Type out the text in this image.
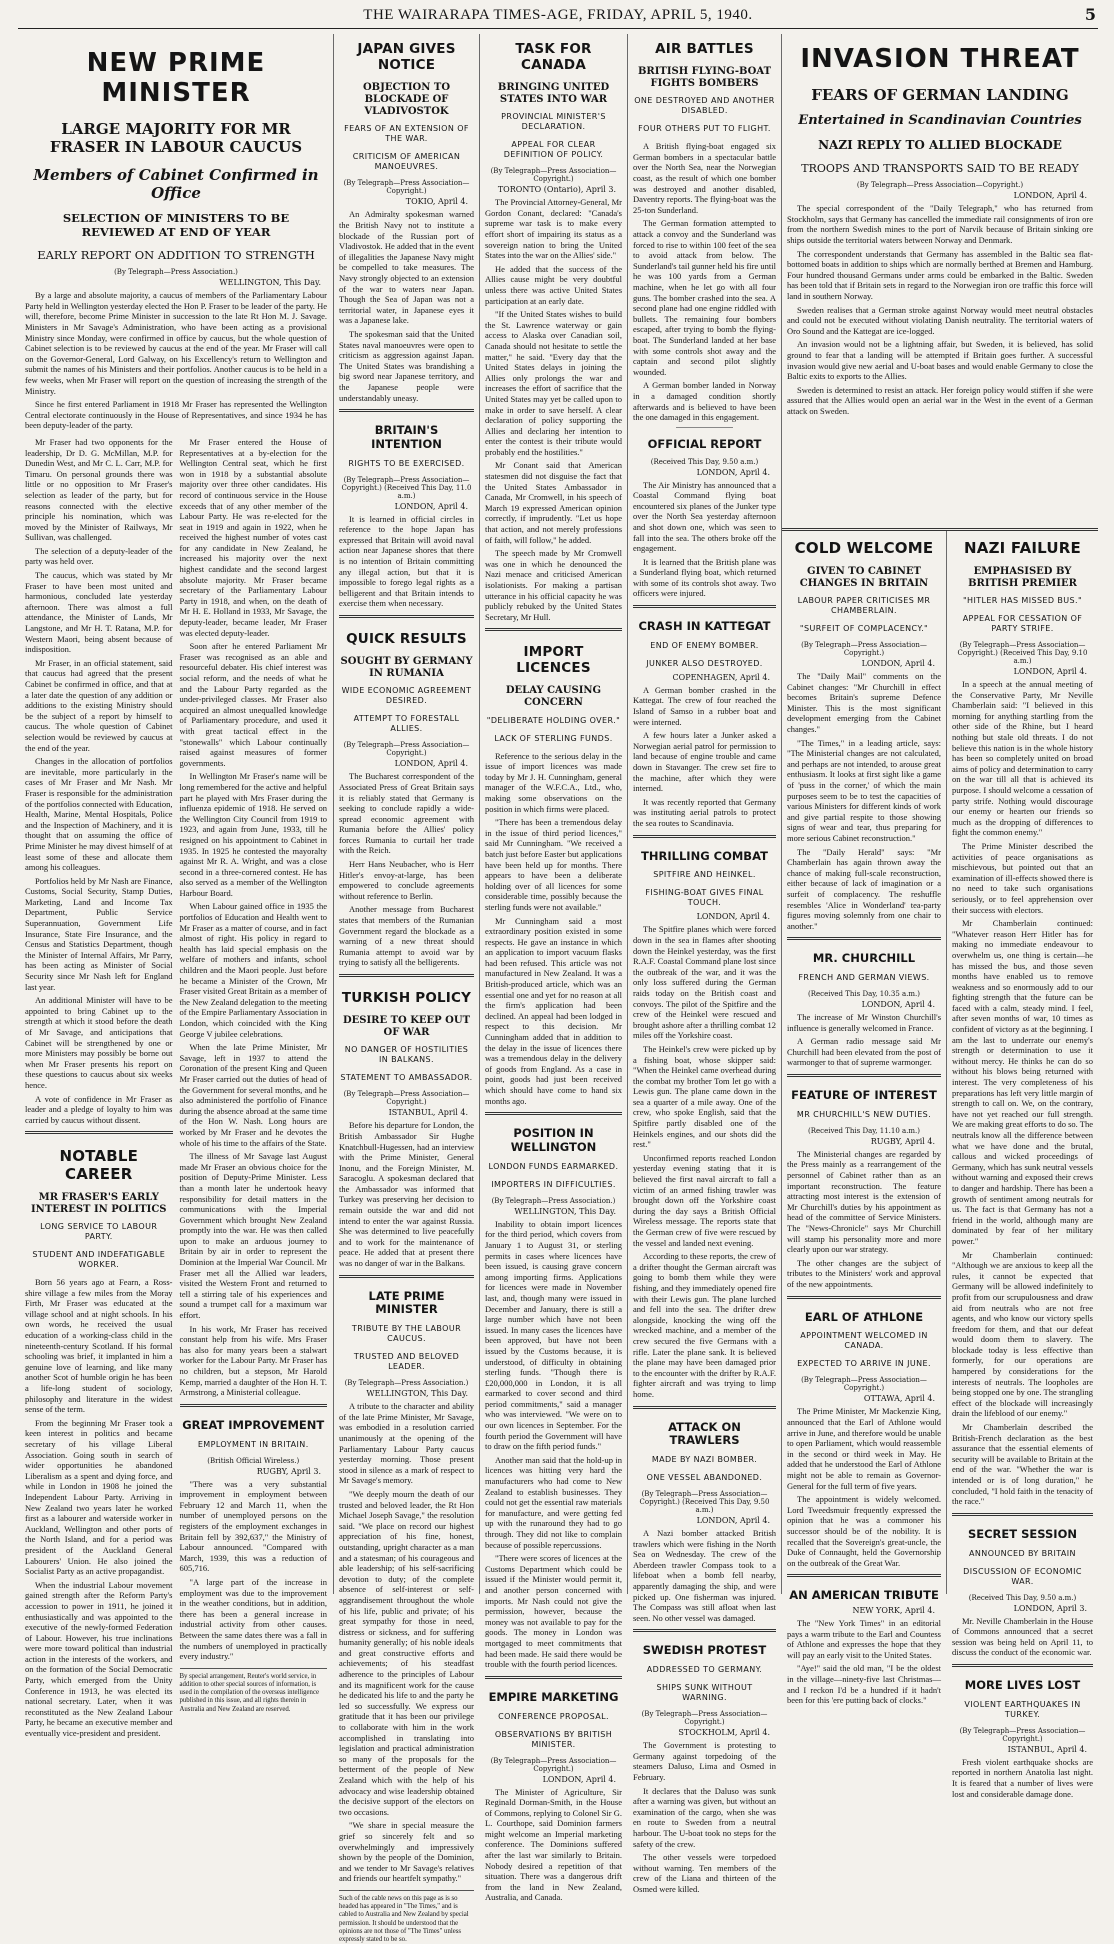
THE WAIRARAPA TIMES-AGE, FRIDAY, APRIL 5, 1940.	5
NEW PRIME MINISTER
LARGE MAJORITY FOR MR FRASER IN LABOUR CAUCUS
Members of Cabinet Confirmed in Office
SELECTION OF MINISTERS TO BE REVIEWED AT END OF YEAR
EARLY REPORT ON ADDITION TO STRENGTH
(By Telegraph—Press Association.)
WELLINGTON, This Day.

By a large and absolute majority, a caucus of members of the Parliamentary Labour Party held in Wellington yesterday elected the Hon P. Fraser to be leader of the party. He will, therefore, become Prime Minister in succession to the late Rt Hon M. J. Savage. Ministers in Mr Savage's Administration, who have been acting as a provisional Ministry since Monday, were confirmed in office by caucus, but the whole question of Cabinet selection is to be reviewed by caucus at the end of the year. Mr Fraser will call on the Governor-General, Lord Galway, on his Excellency's return to Wellington and submit the names of his Ministers and their portfolios. Another caucus is to be held in a few weeks, when Mr Fraser will report on the question of increasing the strength of the Ministry.

Since he first entered Parliament in 1918 Mr Fraser has represented the Wellington Central electorate continuously in the House of Representatives, and since 1934 he has been deputy-leader of the party.

Mr Fraser had two opponents for the leadership, Dr D. G. McMillan, M.P. for Dunedin West, and Mr C. L. Carr, M.P. for Timaru. On personal grounds there was little or no opposition to Mr Fraser's selection as leader of the party, but for reasons connected with the elective principle his nomination, which was moved by the Minister of Railways, Mr Sullivan, was challenged.

The selection of a deputy-leader of the party was held over.

The caucus, which was stated by Mr Fraser to have been most united and harmonious, concluded late yesterday afternoon. There was almost a full attendance, the Minister of Lands, Mr Langstone, and Mr H. T. Ratana, M.P. for Western Maori, being absent because of indisposition.

Mr Fraser, in an official statement, said that caucus had agreed that the present Cabinet be confirmed in office, and that at a later date the question of any addition or additions to the existing Ministry should be the subject of a report by himself to caucus. The whole question of Cabinet selection would be reviewed by caucus at the end of the year.

Changes in the allocation of portfolios are inevitable, more particularly in the cases of Mr Fraser and Mr Nash. Mr Fraser is responsible for the administration of the portfolios connected with Education, Health, Marine, Mental Hospitals, Police and the Inspection of Machinery, and it is thought that on assuming the office of Prime Minister he may divest himself of at least some of these and allocate them among his colleagues.

Portfolios held by Mr Nash are Finance, Customs, Social Security, Stamp Duties, Marketing, Land and Income Tax Department, Public Service Superannuation, Government Life Insurance, State Fire Insurance, and the Census and Statistics Department, though the Minister of Internal Affairs, Mr Parry, has been acting as Minister of Social Security since Mr Nash left for England last year.

An additional Minister will have to be appointed to bring Cabinet up to the strength at which it stood before the death of Mr Savage, and anticipations that Cabinet will be strengthened by one or more Ministers may possibly be borne out when Mr Fraser presents his report on these questions to caucus about six weeks hence.

A vote of confidence in Mr Fraser as leader and a pledge of loyalty to him was carried by caucus without dissent.

NOTABLE CAREER
MR FRASER'S EARLY INTEREST IN POLITICS
LONG SERVICE TO LABOUR PARTY.
STUDENT AND INDEFATIGABLE WORKER.

Born 56 years ago at Fearn, a Ross-shire village a few miles from the Moray Firth, Mr Fraser was educated at the village school and at night schools. In his own words, he received the usual education of a working-class child in the nineteenth-century Scotland. If his formal schooling was brief, it implanted in him a genuine love of learning, and like many another Scot of humble origin he has been a life-long student of sociology, philosophy and literature in the widest sense of the term.

From the beginning Mr Fraser took a keen interest in politics and became secretary of his village Liberal Association. Going south in search of wider opportunities he abandoned Liberalism as a spent and dying force, and while in London in 1908 he joined the Independent Labour Party. Arriving in New Zealand two years later he worked first as a labourer and waterside worker in Auckland, Wellington and other ports of the North Island, and for a period was president of the Auckland General Labourers' Union. He also joined the Socialist Party as an active propagandist.

When the industrial Labour movement gained strength after the Reform Party's accession to power in 1911, he joined it enthusiastically and was appointed to the executive of the newly-formed Federation of Labour. However, his true inclinations were more toward political than industrial action in the interests of the workers, and on the formation of the Social Democratic Party, which emerged from the Unity Conference in 1913, he was elected its national secretary. Later, when it was reconstituted as the New Zealand Labour Party, he became an executive member and eventually vice-president and president.

Mr Fraser entered the House of Representatives at a by-election for the Wellington Central seat, which he first won in 1918 by a substantial absolute majority over three other candidates. His record of continuous service in the House exceeds that of any other member of the Labour Party. He was re-elected for the seat in 1919 and again in 1922, when he received the highest number of votes cast for any candidate in New Zealand, he increased his majority over the next highest candidate and the second largest absolute majority. Mr Fraser became secretary of the Parliamentary Labour Party in 1918, and when, on the death of Mr H. E. Holland in 1933, Mr Savage, the deputy-leader, became leader, Mr Fraser was elected deputy-leader.

Soon after he entered Parliament Mr Fraser was recognised as an able and resourceful debater. His chief interest was social reform, and the needs of what he and the Labour Party regarded as the under-privileged classes. Mr Fraser also acquired an almost unequalled knowledge of Parliamentary procedure, and used it with great tactical effect in the "stonewalls" which Labour continually raised against measures of former governments.

In Wellington Mr Fraser's name will be long remembered for the active and helpful part he played with Mrs Fraser during the influenza epidemic of 1918. He served on the Wellington City Council from 1919 to 1923, and again from June, 1933, till he resigned on his appointment to Cabinet in 1935. In 1925 he contested the mayoralty against Mr R. A. Wright, and was a close second in a three-cornered contest. He has also served as a member of the Wellington Harbour Board.

When Labour gained office in 1935 the portfolios of Education and Health went to Mr Fraser as a matter of course, and in fact almost of right. His policy in regard to health has laid special emphasis on the welfare of mothers and infants, school children and the Maori people. Just before he became a Minister of the Crown, Mr Fraser visited Great Britain as a member of the New Zealand delegation to the meeting of the Empire Parliamentary Association in London, which coincided with the King George V jubilee celebrations.

When the late Prime Minister, Mr Savage, left in 1937 to attend the Coronation of the present King and Queen Mr Fraser carried out the duties of head of the Government for several months, and he also administered the portfolio of Finance during the absence abroad at the same time of the Hon W. Nash. Long hours are worked by Mr Fraser and he devotes the whole of his time to the affairs of the State.

The illness of Mr Savage last August made Mr Fraser an obvious choice for the position of Deputy-Prime Minister. Less than a month later he undertook heavy responsibility for detail matters in the communications with the Imperial Government which brought New Zealand promptly into the war. He was then called upon to make an arduous journey to Britain by air in order to represent the Dominion at the Imperial War Council. Mr Fraser met all the Allied war leaders, visited the Western Front and returned to tell a stirring tale of his experiences and sound a trumpet call for a maximum war effort.

In his work, Mr Fraser has received constant help from his wife. Mrs Fraser has also for many years been a stalwart worker for the Labour Party. Mr Fraser has no children, but a stepson, Mr Harold Kemp, married a daughter of the Hon H. T. Armstrong, a Ministerial colleague.

GREAT IMPROVEMENT
EMPLOYMENT IN BRITAIN.
(British Official Wireless.)
RUGBY, April 3.

"There was a very substantial improvement in employment between February 12 and March 11, when the number of unemployed persons on the registers of the employment exchanges in Britain fell by 392,637," the Ministry of Labour announced. "Compared with March, 1939, this was a reduction of 605,716.

"A large part of the increase in employment was due to the improvement in the weather conditions, but in addition, there has been a general increase in industrial activity from other causes. Between the same dates there was a fall in the numbers of unemployed in practically every industry."

By special arrangement, Reuter's world service, in addition to other special sources of information, is used in the compilation of the overseas intelligence published in this issue, and all rights therein in Australia and New Zealand are reserved.

JAPAN GIVES NOTICE
OBJECTION TO BLOCKADE OF VLADIVOSTOK
FEARS OF AN EXTENSION OF THE WAR.
CRITICISM OF AMERICAN MANOEUVRES.
(By Telegraph—Press Association—Copyright.)
TOKIO, April 4.

An Admiralty spokesman warned the British Navy not to institute a blockade of the Russian port of Vladivostok. He added that in the event of illegalities the Japanese Navy might be compelled to take measures. The Navy strongly objected to an extension of the war to waters near Japan. Though the Sea of Japan was not a territorial water, in Japanese eyes it was a Japanese lake.

The spokesman said that the United States naval manoeuvres were open to criticism as aggression against Japan. The United States was brandishing a big sword near Japanese territory, and the Japanese people were understandably uneasy.

BRITAIN'S INTENTION
RIGHTS TO BE EXERCISED.
(By Telegraph—Press Association—Copyright.) (Received This Day, 11.0 a.m.)
LONDON, April 4.

It is learned in official circles in reference to the hope Japan has expressed that Britain will avoid naval action near Japanese shores that there is no intention of Britain committing any illegal action, but that it is impossible to forego legal rights as a belligerent and that Britain intends to exercise them when necessary.

QUICK RESULTS
SOUGHT BY GERMANY IN RUMANIA
WIDE ECONOMIC AGREEMENT DESIRED.
ATTEMPT TO FORESTALL ALLIES.
(By Telegraph—Press Association—Copyright.)
LONDON, April 4.

The Bucharest correspondent of the Associated Press of Great Britain says it is reliably stated that Germany is seeking to conclude rapidly a wide-spread economic agreement with Rumania before the Allies' policy forces Rumania to curtail her trade with the Reich.

Herr Hans Neubacher, who is Herr Hitler's envoy-at-large, has been empowered to conclude agreements without reference to Berlin.

Another message from Bucharest states that members of the Rumanian Government regard the blockade as a warning of a new threat should Rumania attempt to avoid war by trying to satisfy all the belligerents.

TURKISH POLICY
DESIRE TO KEEP OUT OF WAR
NO DANGER OF HOSTILITIES IN BALKANS.
STATEMENT TO AMBASSADOR.
(By Telegraph—Press Association—Copyright.)
ISTANBUL, April 4.

Before his departure for London, the British Ambassador Sir Hughe Knatchbull-Hugessen, had an interview with the Prime Minister, General Inonu, and the Foreign Minister, M. Saracoglu. A spokesman declared that the Ambassador was informed that Turkey was preserving her decision to remain outside the war and did not intend to enter the war against Russia. She was determined to live peacefully and to work for the maintenance of peace. He added that at present there was no danger of war in the Balkans.

LATE PRIME MINISTER
TRIBUTE BY THE LABOUR CAUCUS.
TRUSTED AND BELOVED LEADER.
(By Telegraph—Press Association.)
WELLINGTON, This Day.

A tribute to the character and ability of the late Prime Minister, Mr Savage, was embodied in a resolution carried unanimously at the opening of the Parliamentary Labour Party caucus yesterday morning. Those present stood in silence as a mark of respect to Mr Savage's memory.

"We deeply mourn the death of our trusted and beloved leader, the Rt Hon Michael Joseph Savage," the resolution said. "We place on record our highest appreciation of his fine, honest, outstanding, upright character as a man and a statesman; of his courageous and able leadership; of his self-sacrificing devotion to duty; of the complete absence of self-interest or self-aggrandisement throughout the whole of his life, public and private; of his great sympathy for those in need, distress or sickness, and for suffering humanity generally; of his noble ideals and great constructive efforts and achievements; of his steadfast adherence to the principles of Labour and its magnificent work for the cause he dedicated his life to and the party he led so successfully. We express our gratitude that it has been our privilege to collaborate with him in the work accomplished in translating into legislation and practical administration so many of the proposals for the betterment of the people of New Zealand which with the help of his advocacy and wise leadership obtained the decisive support of the electors on two occasions.

"We share in special measure the grief so sincerely felt and so overwhelmingly and impressively shown by the people of the Dominion, and we tender to Mr Savage's relatives and friends our heartfelt sympathy."

Such of the cable news on this page as is so headed has appeared in "The Times," and is cabled to Australia and New Zealand by special permission. It should be understood that the opinions are not those of "The Times" unless expressly stated to be so.

TASK FOR CANADA
BRINGING UNITED STATES INTO WAR
PROVINCIAL MINISTER'S DECLARATION.
APPEAL FOR CLEAR DEFINITION OF POLICY.
(By Telegraph—Press Association—Copyright.)
TORONTO (Ontario), April 3.

The Provincial Attorney-General, Mr Gordon Conant, declared: "Canada's supreme war task is to make every effort short of impairing its status as a sovereign nation to bring the United States into the war on the Allies' side."

He added that the success of the Allies cause might be very doubtful unless there was active United States participation at an early date.

"If the United States wishes to build the St. Lawrence waterway or gain access to Alaska over Canadian soil, Canada should not hesitate to settle the matter," he said. "Every day that the United States delays in joining the Allies only prolongs the war and increases the effort of sacrifice that the United States may yet be called upon to make in order to save herself. A clear declaration of policy supporting the Allies and declaring her intention to enter the contest is their tribute would probably end the hostilities."

Mr Conant said that American statesmen did not disguise the fact that the United States Ambassador in Canada, Mr Cromwell, in his speech of March 19 expressed American opinion correctly, if imprudently. "Let us hope that action, and not merely professions of faith, will follow," he added.

The speech made by Mr Cromwell was one in which he denounced the Nazi menace and criticised American isolationists. For making a partisan utterance in his official capacity he was publicly rebuked by the United States Secretary, Mr Hull.

IMPORT LICENCES
DELAY CAUSING CONCERN
"DELIBERATE HOLDING OVER."
LACK OF STERLING FUNDS.

Reference to the serious delay in the issue of import licences was made today by Mr J. H. Cunningham, general manager of the W.F.C.A., Ltd., who, making some observations on the position in which firms were placed.

"There has been a tremendous delay in the issue of third period licences," said Mr Cunningham. "We received a batch just before Easter but applications have been held up for months. There appears to have been a deliberate holding over of all licences for some considerable time, possibly because the sterling funds were not available."

Mr Cunningham said a most extraordinary position existed in some respects. He gave an instance in which an application to import vacuum flasks had been refused. This article was not manufactured in New Zealand. It was a British-produced article, which was an essential one and yet for no reason at all the firm's application had been declined. An appeal had been lodged in respect to this decision. Mr Cunningham added that in addition to the delay in the issue of licences there was a tremendous delay in the delivery of goods from England. As a case in point, goods had just been received which should have come to hand six months ago.

POSITION IN WELLINGTON
LONDON FUNDS EARMARKED.
IMPORTERS IN DIFFICULTIES.
(By Telegraph—Press Association.)
WELLINGTON, This Day.

Inability to obtain import licences for the third period, which covers from January 1 to August 31, or sterling permits in cases where licences have been issued, is causing grave concern among importing firms. Applications for licences were made in November last, and, though many were issued in December and January, there is still a large number which have not been issued. In many cases the licences have been approved, but have not been issued by the Customs because, it is understood, of difficulty in obtaining sterling funds. "Though there is £20,000,000 in London, it is all earmarked to cover second and third period commitments," said a manager who was interviewed. "We were on to our own licences in September. For the fourth period the Government will have to draw on the fifth period funds."

Another man said that the hold-up in licences was hitting very hard the manufacturers who had come to New Zealand to establish businesses. They could not get the essential raw materials for manufacture, and were getting fed up with the runaround they had to go through. They did not like to complain because of possible repercussions.

"There were scores of licences at the Customs Department which could be issued if the Minister would permit it, and another person concerned with imports. Mr Nash could not give the permission, however, because the money was not available to pay for the goods. The money in London was mortgaged to meet commitments that had been made. He said there would be trouble with the fourth period licences.

EMPIRE MARKETING
CONFERENCE PROPOSAL.
OBSERVATIONS BY BRITISH MINISTER.
(By Telegraph—Press Association—Copyright.)
LONDON, April 4.

The Minister of Agriculture, Sir Reginald Dorman-Smith, in the House of Commons, replying to Colonel Sir G. L. Courthope, said Dominion farmers might welcome an Imperial marketing conference. The Dominions suffered after the last war similarly to Britain. Nobody desired a repetition of that situation. There was a dangerous drift from the land in New Zealand, Australia, and Canada.

AIR BATTLES
BRITISH FLYING-BOAT FIGHTS BOMBERS
ONE DESTROYED AND ANOTHER DISABLED.
FOUR OTHERS PUT TO FLIGHT.

A British flying-boat engaged six German bombers in a spectacular battle over the North Sea, near the Norwegian coast, as the result of which one bomber was destroyed and another disabled, Daventry reports. The flying-boat was the 25-ton Sunderland.

The German formation attempted to attack a convoy and the Sunderland was forced to rise to within 100 feet of the sea to avoid attack from below. The Sunderland's tail gunner held his fire until he was 100 yards from a German machine, when he let go with all four guns. The bomber crashed into the sea. A second plane had one engine riddled with bullets. The remaining four bombers escaped, after trying to bomb the flying-boat. The Sunderland landed at her base with some controls shot away and the captain and second pilot slightly wounded.

A German bomber landed in Norway in a damaged condition shortly afterwards and is believed to have been the one damaged in this engagement.

OFFICIAL REPORT
(Received This Day, 9.50 a.m.)
LONDON, April 4.

The Air Ministry has announced that a Coastal Command flying boat encountered six planes of the Junker type over the North Sea yesterday afternoon and shot down one, which was seen to fall into the sea. The others broke off the engagement.

It is learned that the British plane was a Sunderland flying boat, which returned with some of its controls shot away. Two officers were injured.

CRASH IN KATTEGAT
END OF ENEMY BOMBER.
JUNKER ALSO DESTROYED.
COPENHAGEN, April 4.

A German bomber crashed in the Kattegat. The crew of four reached the Island of Samso in a rubber boat and were interned.

A few hours later a Junker asked a Norwegian aerial patrol for permission to land because of engine trouble and came down in Stavanger. The crew set fire to the machine, after which they were interned.

It was recently reported that Germany was instituting aerial patrols to protect the sea routes to Scandinavia.

THRILLING COMBAT
SPITFIRE AND HEINKEL.
FISHING-BOAT GIVES FINAL TOUCH.
LONDON, April 4.

The Spitfire planes which were forced down in the sea in flames after shooting down the Heinkel yesterday, was the first R.A.F. Coastal Command plane lost since the outbreak of the war, and it was the only loss suffered during the German raids today on the British coast and convoys. The pilot of the Spitfire and the crew of the Heinkel were rescued and brought ashore after a thrilling combat 12 miles off the Yorkshire coast.

The Heinkel's crew were picked up by a fishing boat, whose skipper said: "When the Heinkel came overhead during the combat my brother Tom let go with a Lewis gun. The plane came down in the sea a quarter of a mile away. One of the crew, who spoke English, said that the Spitfire partly disabled one of the Heinkels engines, and our shots did the rest."

Unconfirmed reports reached London yesterday evening stating that it is believed the first naval aircraft to fall a victim of an armed fishing trawler was brought down off the Yorkshire coast during the day says a British Official Wireless message. The reports state that the German crew of five were rescued by the vessel and landed next evening.

According to these reports, the crew of a drifter thought the German aircraft was going to bomb them while they were fishing, and they immediately opened fire with their Lewis gun. The plane lurched and fell into the sea. The drifter drew alongside, knocking the wing off the wrecked machine, and a member of the crew secured the five Germans with a rifle. Later the plane sank. It is believed the plane may have been damaged prior to the encounter with the drifter by R.A.F. fighter aircraft and was trying to limp home.

ATTACK ON TRAWLERS
MADE BY NAZI BOMBER.
ONE VESSEL ABANDONED.
(By Telegraph—Press Association—Copyright.) (Received This Day, 9.50 a.m.)
LONDON, April 4.

A Nazi bomber attacked British trawlers which were fishing in the North Sea on Wednesday. The crew of the Aberdeen trawler Compass took to a lifeboat when a bomb fell nearby, apparently damaging the ship, and were picked up. One fisherman was injured. The Compass was still afloat when last seen. No other vessel was damaged.

SWEDISH PROTEST
ADDRESSED TO GERMANY.
SHIPS SUNK WITHOUT WARNING.
(By Telegraph—Press Association—Copyright.)
STOCKHOLM, April 4.

The Government is protesting to Germany against torpedoing of the steamers Daluso, Lima and Osmed in February.

It declares that the Daluso was sunk after a warning was given, but without an examination of the cargo, when she was en route to Sweden from a neutral harbour. The U-boat took no steps for the safety of the crew.

The other vessels were torpedoed without warning. Ten members of the crew of the Liana and thirteen of the Osmed were killed.

INVASION THREAT
FEARS OF GERMAN LANDING
Entertained in Scandinavian Countries
NAZI REPLY TO ALLIED BLOCKADE
TROOPS AND TRANSPORTS SAID TO BE READY
(By Telegraph—Press Association—Copyright.)
LONDON, April 4.

The special correspondent of the "Daily Telegraph," who has returned from Stockholm, says that Germany has cancelled the immediate rail consignments of iron ore from the northern Swedish mines to the port of Narvik because of Britain sinking ore ships outside the territorial waters between Norway and Denmark.

The correspondent understands that Germany has assembled in the Baltic sea flat-bottomed boats in addition to ships which are normally berthed at Bremen and Hamburg. Four hundred thousand Germans under arms could be embarked in the Baltic. Sweden has been told that if Britain sets in regard to the Norwegian iron ore traffic this force will land in southern Norway.

Sweden realises that a German stroke against Norway would meet neutral obstacles and could not be executed without violating Danish neutrality. The territorial waters of Oro Sound and the Kattegat are ice-logged.

An invasion would not be a lightning affair, but Sweden, it is believed, has solid ground to fear that a landing will be attempted if Britain goes further. A successful invasion would give new aerial and U-boat bases and would enable Germany to close the Baltic exits to exports to the Allies.

Sweden is determined to resist an attack. Her foreign policy would stiffen if she were assured that the Allies would open an aerial war in the West in the event of a German attack on Sweden.

COLD WELCOME
GIVEN TO CABINET CHANGES IN BRITAIN
LABOUR PAPER CRITICISES MR CHAMBERLAIN.
"SURFEIT OF COMPLACENCY."
(By Telegraph—Press Association—Copyright.)
LONDON, April 4.

The "Daily Mail" comments on the Cabinet changes: "Mr Churchill in effect becomes Britain's supreme Defence Minister. This is the most significant development emerging from the Cabinet changes."

"The Times," in a leading article, says: "The Ministerial changes are not calculated, and perhaps are not intended, to arouse great enthusiasm. It looks at first sight like a game of 'puss in the corner,' of which the main purposes seem to be to test the capacities of various Ministers for different kinds of work and give partial respite to those showing signs of wear and tear, thus preparing for more serious Cabinet reconstruction."

The "Daily Herald" says: "Mr Chamberlain has again thrown away the chance of making full-scale reconstruction, either because of lack of imagination or a surfeit of complacency. The reshuffle resembles 'Alice in Wonderland' tea-party figures moving solemnly from one chair to another."

MR. CHURCHILL
FRENCH AND GERMAN VIEWS.
(Received This Day, 10.35 a.m.)
LONDON, April 4.

The increase of Mr Winston Churchill's influence is generally welcomed in France.

A German radio message said Mr Churchill had been elevated from the post of warmonger to that of supreme warmonger.

FEATURE OF INTEREST
MR CHURCHILL'S NEW DUTIES.
(Received This Day, 11.10 a.m.)
RUGBY, April 4.

The Ministerial changes are regarded by the Press mainly as a rearrangement of the personnel of Cabinet rather than as an important reconstruction. The feature attracting most interest is the extension of Mr Churchill's duties by his appointment as head of the committee of Service Ministers. The "News-Chronicle" says Mr Churchill will stamp his personality more and more clearly upon our war strategy.

The other changes are the subject of tributes to the Ministers' work and approval of the new appointments.

EARL OF ATHLONE
APPOINTMENT WELCOMED IN CANADA.
EXPECTED TO ARRIVE IN JUNE.
(By Telegraph—Press Association—Copyright.)
OTTAWA, April 4.

The Prime Minister, Mr Mackenzie King, announced that the Earl of Athlone would arrive in June, and therefore would be unable to open Parliament, which would reassemble in the second or third week in May. He added that he understood the Earl of Athlone might not be able to remain as Governor-General for the full term of five years.

The appointment is widely welcomed. Lord Tweedsmuir frequently expressed the opinion that he was a commoner his successor should be of the nobility. It is recalled that the Sovereign's great-uncle, the Duke of Connaught, held the Governorship on the outbreak of the Great War.

AN AMERICAN TRIBUTE
NEW YORK, April 4.

The "New York Times" in an editorial pays a warm tribute to the Earl and Countess of Athlone and expresses the hope that they will pay an early visit to the United States.

"Aye!" said the old man, "I be the oldest in the village—ninety-five last Christmas—and I reckon I'd be a hundred if it hadn't been for this 'ere putting back of clocks."

NAZI FAILURE
EMPHASISED BY BRITISH PREMIER
"HITLER HAS MISSED BUS."
APPEAL FOR CESSATION OF PARTY STRIFE.
(By Telegraph—Press Association—Copyright.) (Received This Day, 9.10 a.m.)
LONDON, April 4.

In a speech at the annual meeting of the Conservative Party, Mr Neville Chamberlain said: "I believed in this morning for anything startling from the other side of the Rhine, but I heard nothing but stale old threats. I do not believe this nation is in the whole history has been so completely united on broad aims of policy and determination to carry on the war till all that is achieved its purpose. I should welcome a cessation of party strife. Nothing would discourage our enemy or hearten our friends so much as the dropping of differences to fight the common enemy."

The Prime Minister described the activities of peace organisations as mischievous, but pointed out that an examination of ill-effects showed there is no need to take such organisations seriously, or to feel apprehension over their success with electors.

Mr Chamberlain continued: "Whatever reason Herr Hitler has for making no immediate endeavour to overwhelm us, one thing is certain—he has missed the bus, and those seven months have enabled us to remove weakness and so enormously add to our fighting strength that the future can be faced with a calm, steady mind. I feel, after seven months of war, 10 times as confident of victory as at the beginning. I am the last to underrate our enemy's strength or determination to use it without mercy. He thinks he can do so without his blows being returned with interest. The very completeness of his preparations has left very little margin of strength to call on. We, on the contrary, have not yet reached our full strength. We are making great efforts to do so. The neutrals know all the difference between what we have done and the brutal, callous and wicked proceedings of Germany, which has sunk neutral vessels without warning and exposed their crews to danger and hardship. There has been a growth of sentiment among neutrals for us. The fact is that Germany has not a friend in the world, although many are dominated by fear of her military power."

Mr Chamberlain continued: "Although we are anxious to keep all the rules, it cannot be expected that Germany will be allowed indefinitely to profit from our scrupulousness and draw aid from neutrals who are not free agents, and who know our victory spells freedom for them, and that our defeat would doom them to slavery. The blockade today is less effective than formerly, for our operations are hampered by considerations for the interests of neutrals. The loopholes are being stopped one by one. The strangling effect of the blockade will increasingly drain the lifeblood of our enemy."

Mr Chamberlain described the British-French declaration as the best assurance that the essential elements of security will be available to Britain at the end of the war. "Whether the war is intended or is of long duration," he concluded, "I hold faith in the tenacity of the race."

SECRET SESSION
ANNOUNCED BY BRITAIN
DISCUSSION OF ECONOMIC WAR.
(Received This Day, 9.50 a.m.)
LONDON, April 3.

Mr. Neville Chamberlain in the House of Commons announced that a secret session was being held on April 11, to discuss the conduct of the economic war.

MORE LIVES LOST
VIOLENT EARTHQUAKES IN TURKEY.
(By Telegraph—Press Association—Copyright.)
ISTANBUL, April 4.

Fresh violent earthquake shocks are reported in northern Anatolia last night. It is feared that a number of lives were lost and considerable damage done.
